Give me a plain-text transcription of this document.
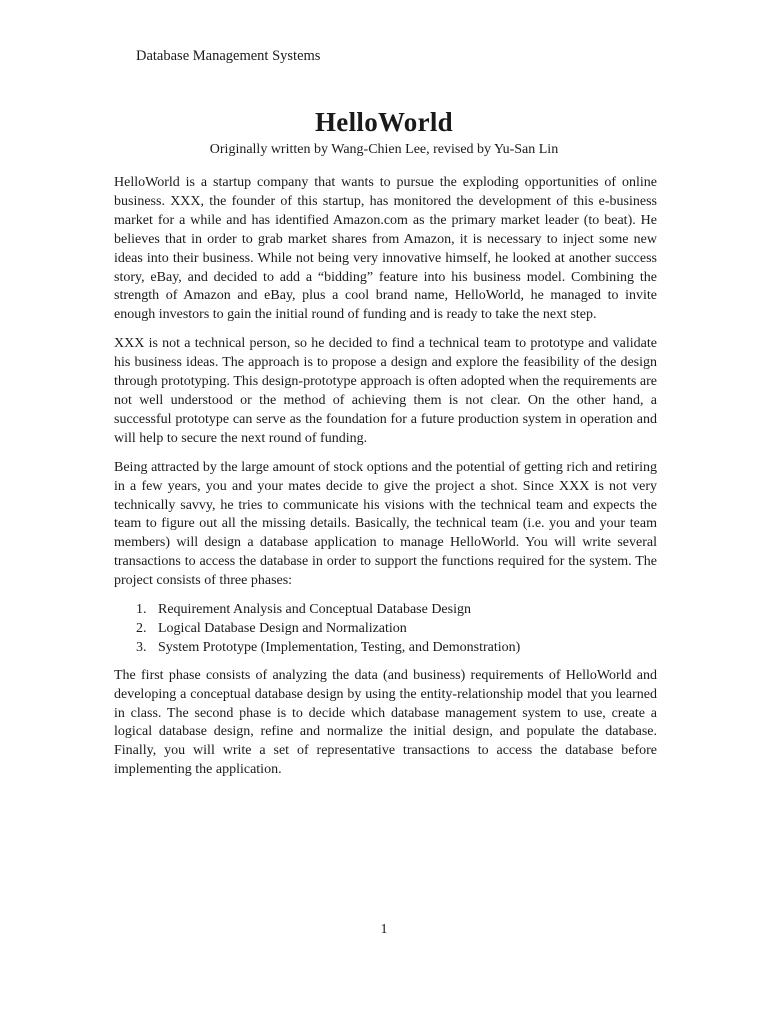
Database Management Systems
HelloWorld
Originally written by Wang-Chien Lee, revised by Yu-San Lin

HelloWorld is a startup company that wants to pursue the exploding opportunities of online business. XXX, the founder of this startup, has monitored the development of this e-business market for a while and has identified Amazon.com as the primary market leader (to beat). He believes that in order to grab market shares from Amazon, it is necessary to inject some new ideas into their business. While not being very innovative himself, he looked at another success story, eBay, and decided to add a “bidding” feature into his business model. Combining the strength of Amazon and eBay, plus a cool brand name, HelloWorld, he managed to invite enough investors to gain the initial round of funding and is ready to take the next step.

XXX is not a technical person, so he decided to find a technical team to prototype and validate his business ideas. The approach is to propose a design and explore the feasibility of the design through prototyping. This design-prototype approach is often adopted when the requirements are not well understood or the method of achieving them is not clear. On the other hand, a successful prototype can serve as the foundation for a future production system in operation and will help to secure the next round of funding.

Being attracted by the large amount of stock options and the potential of getting rich and retiring in a few years, you and your mates decide to give the project a shot. Since XXX is not very technically savvy, he tries to communicate his visions with the technical team and expects the team to figure out all the missing details. Basically, the technical team (i.e. you and your team members) will design a database application to manage HelloWorld. You will write several transactions to access the database in order to support the functions required for the system. The project consists of three phases:

1. Requirement Analysis and Conceptual Database Design
2. Logical Database Design and Normalization
3. System Prototype (Implementation, Testing, and Demonstration)

The first phase consists of analyzing the data (and business) requirements of HelloWorld and developing a conceptual database design by using the entity-relationship model that you learned in class. The second phase is to decide which database management system to use, create a logical database design, refine and normalize the initial design, and populate the database. Finally, you will write a set of representative transactions to access the database before implementing the application.

1
